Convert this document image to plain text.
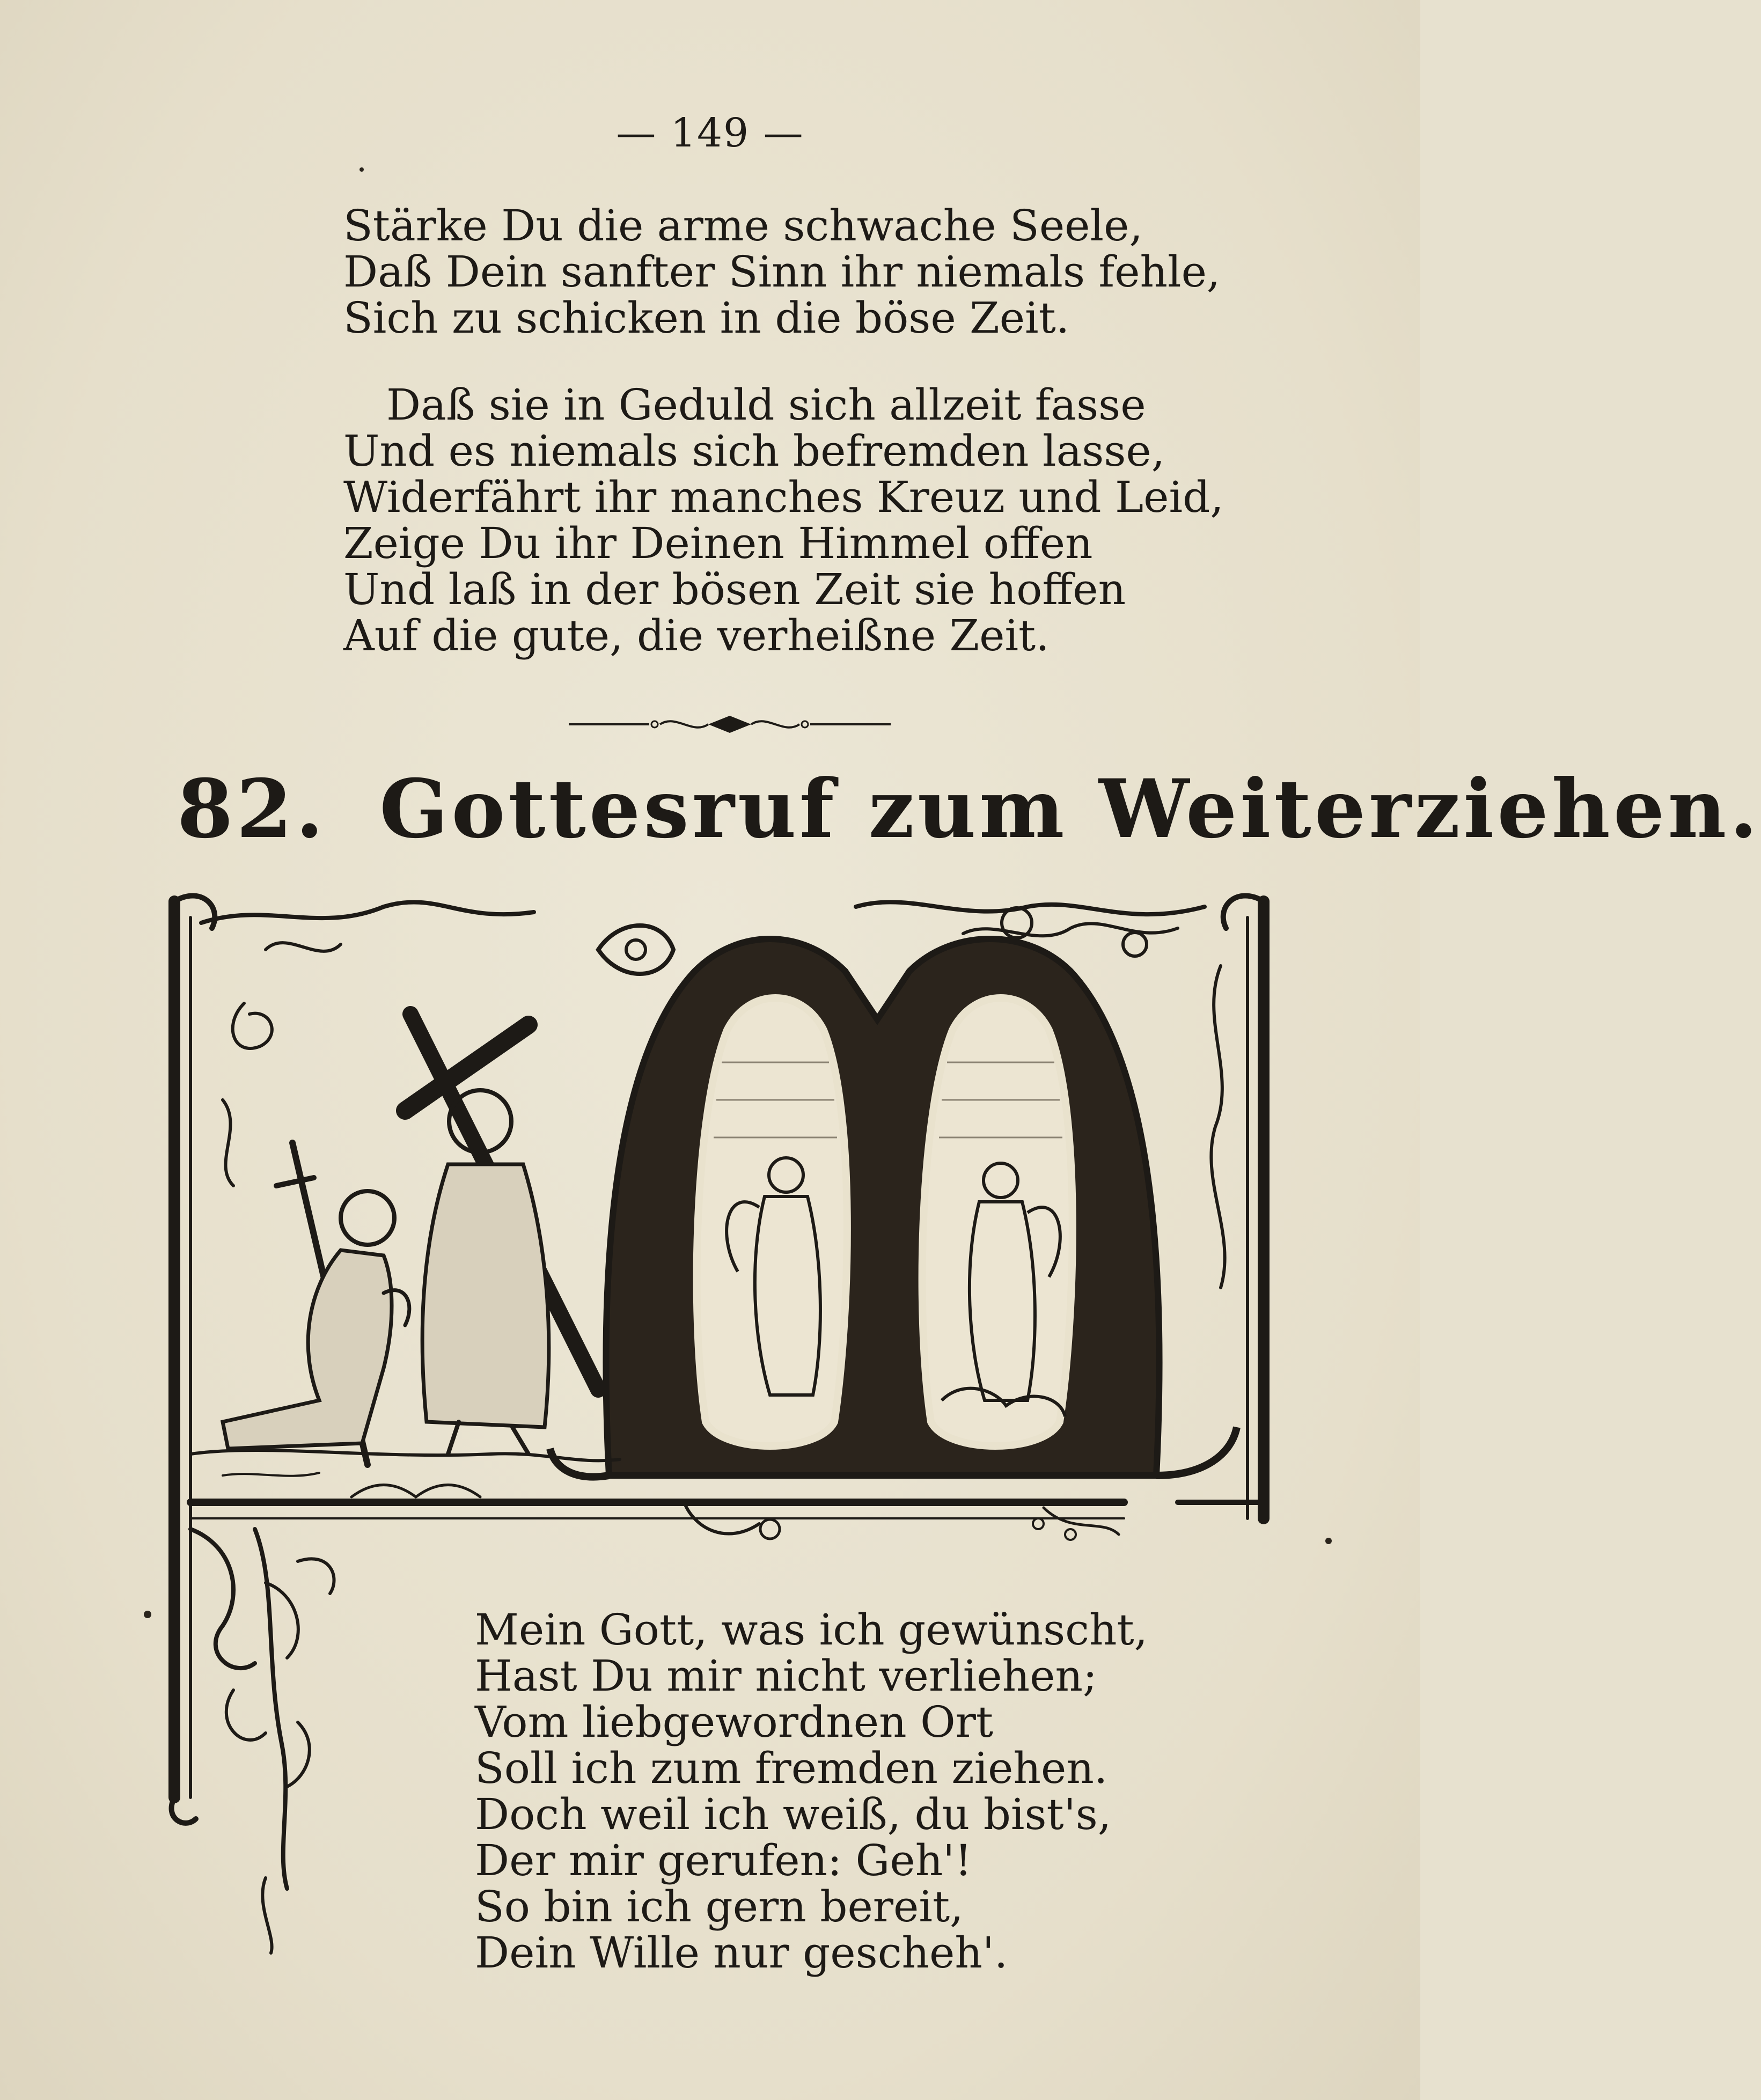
— 149 —
Stärke Du die arme schwache Seele,
Daß Dein sanfter Sinn ihr niemals fehle,
Sich zu schicken in die böse Zeit.
Daß sie in Geduld sich allzeit fasse
Und es niemals sich befremden lasse,
Widerfährt ihr manches Kreuz und Leid,
Zeige Du ihr Deinen Himmel offen
Und laß in der bösen Zeit sie hoffen
Auf die gute, die verheißne Zeit.
82. Gottesruf zum Weiterziehen.
Mein Gott, was ich gewünscht,
Hast Du mir nicht verliehen;
Vom liebgewordnen Ort
Soll ich zum fremden ziehen.
Doch weil ich weiß, du bist's,
Der mir gerufen: Geh'!
So bin ich gern bereit,
Dein Wille nur gescheh'.
